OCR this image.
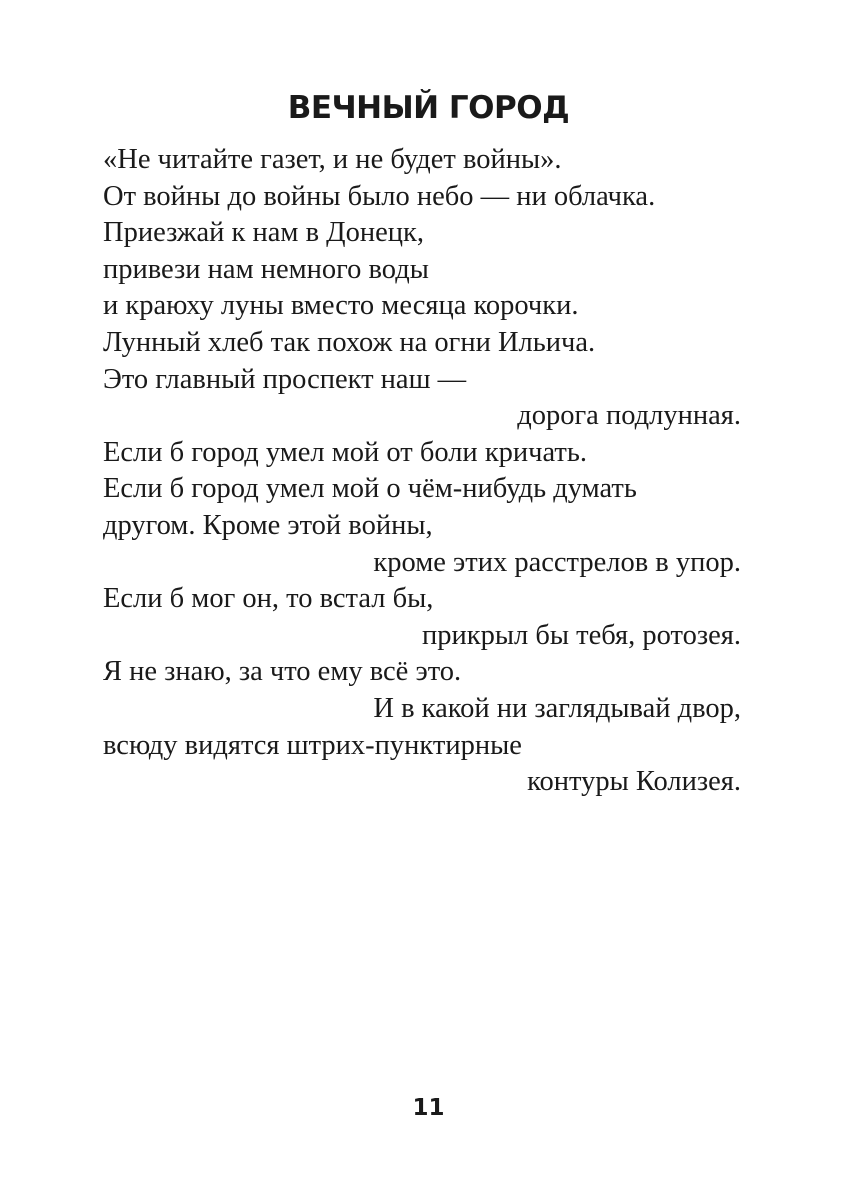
ВЕЧНЫЙ ГОРОД
«Не читайте газет, и не будет войны».
От войны до войны было небо — ни облачка.
Приезжай к нам в Донецк,
привези нам немного воды
и краюху луны вместо месяца корочки.
Лунный хлеб так похож на огни Ильича.
Это главный проспект наш —
дорога подлунная.
Если б город умел мой от боли кричать.
Если б город умел мой о чём-нибудь думать
другом. Кроме этой войны,
кроме этих расстрелов в упор.
Если б мог он, то встал бы,
прикрыл бы тебя, ротозея.
Я не знаю, за что ему всё это.
И в какой ни заглядывай двор,
всюду видятся штрих-пунктирные
контуры Колизея.
11
